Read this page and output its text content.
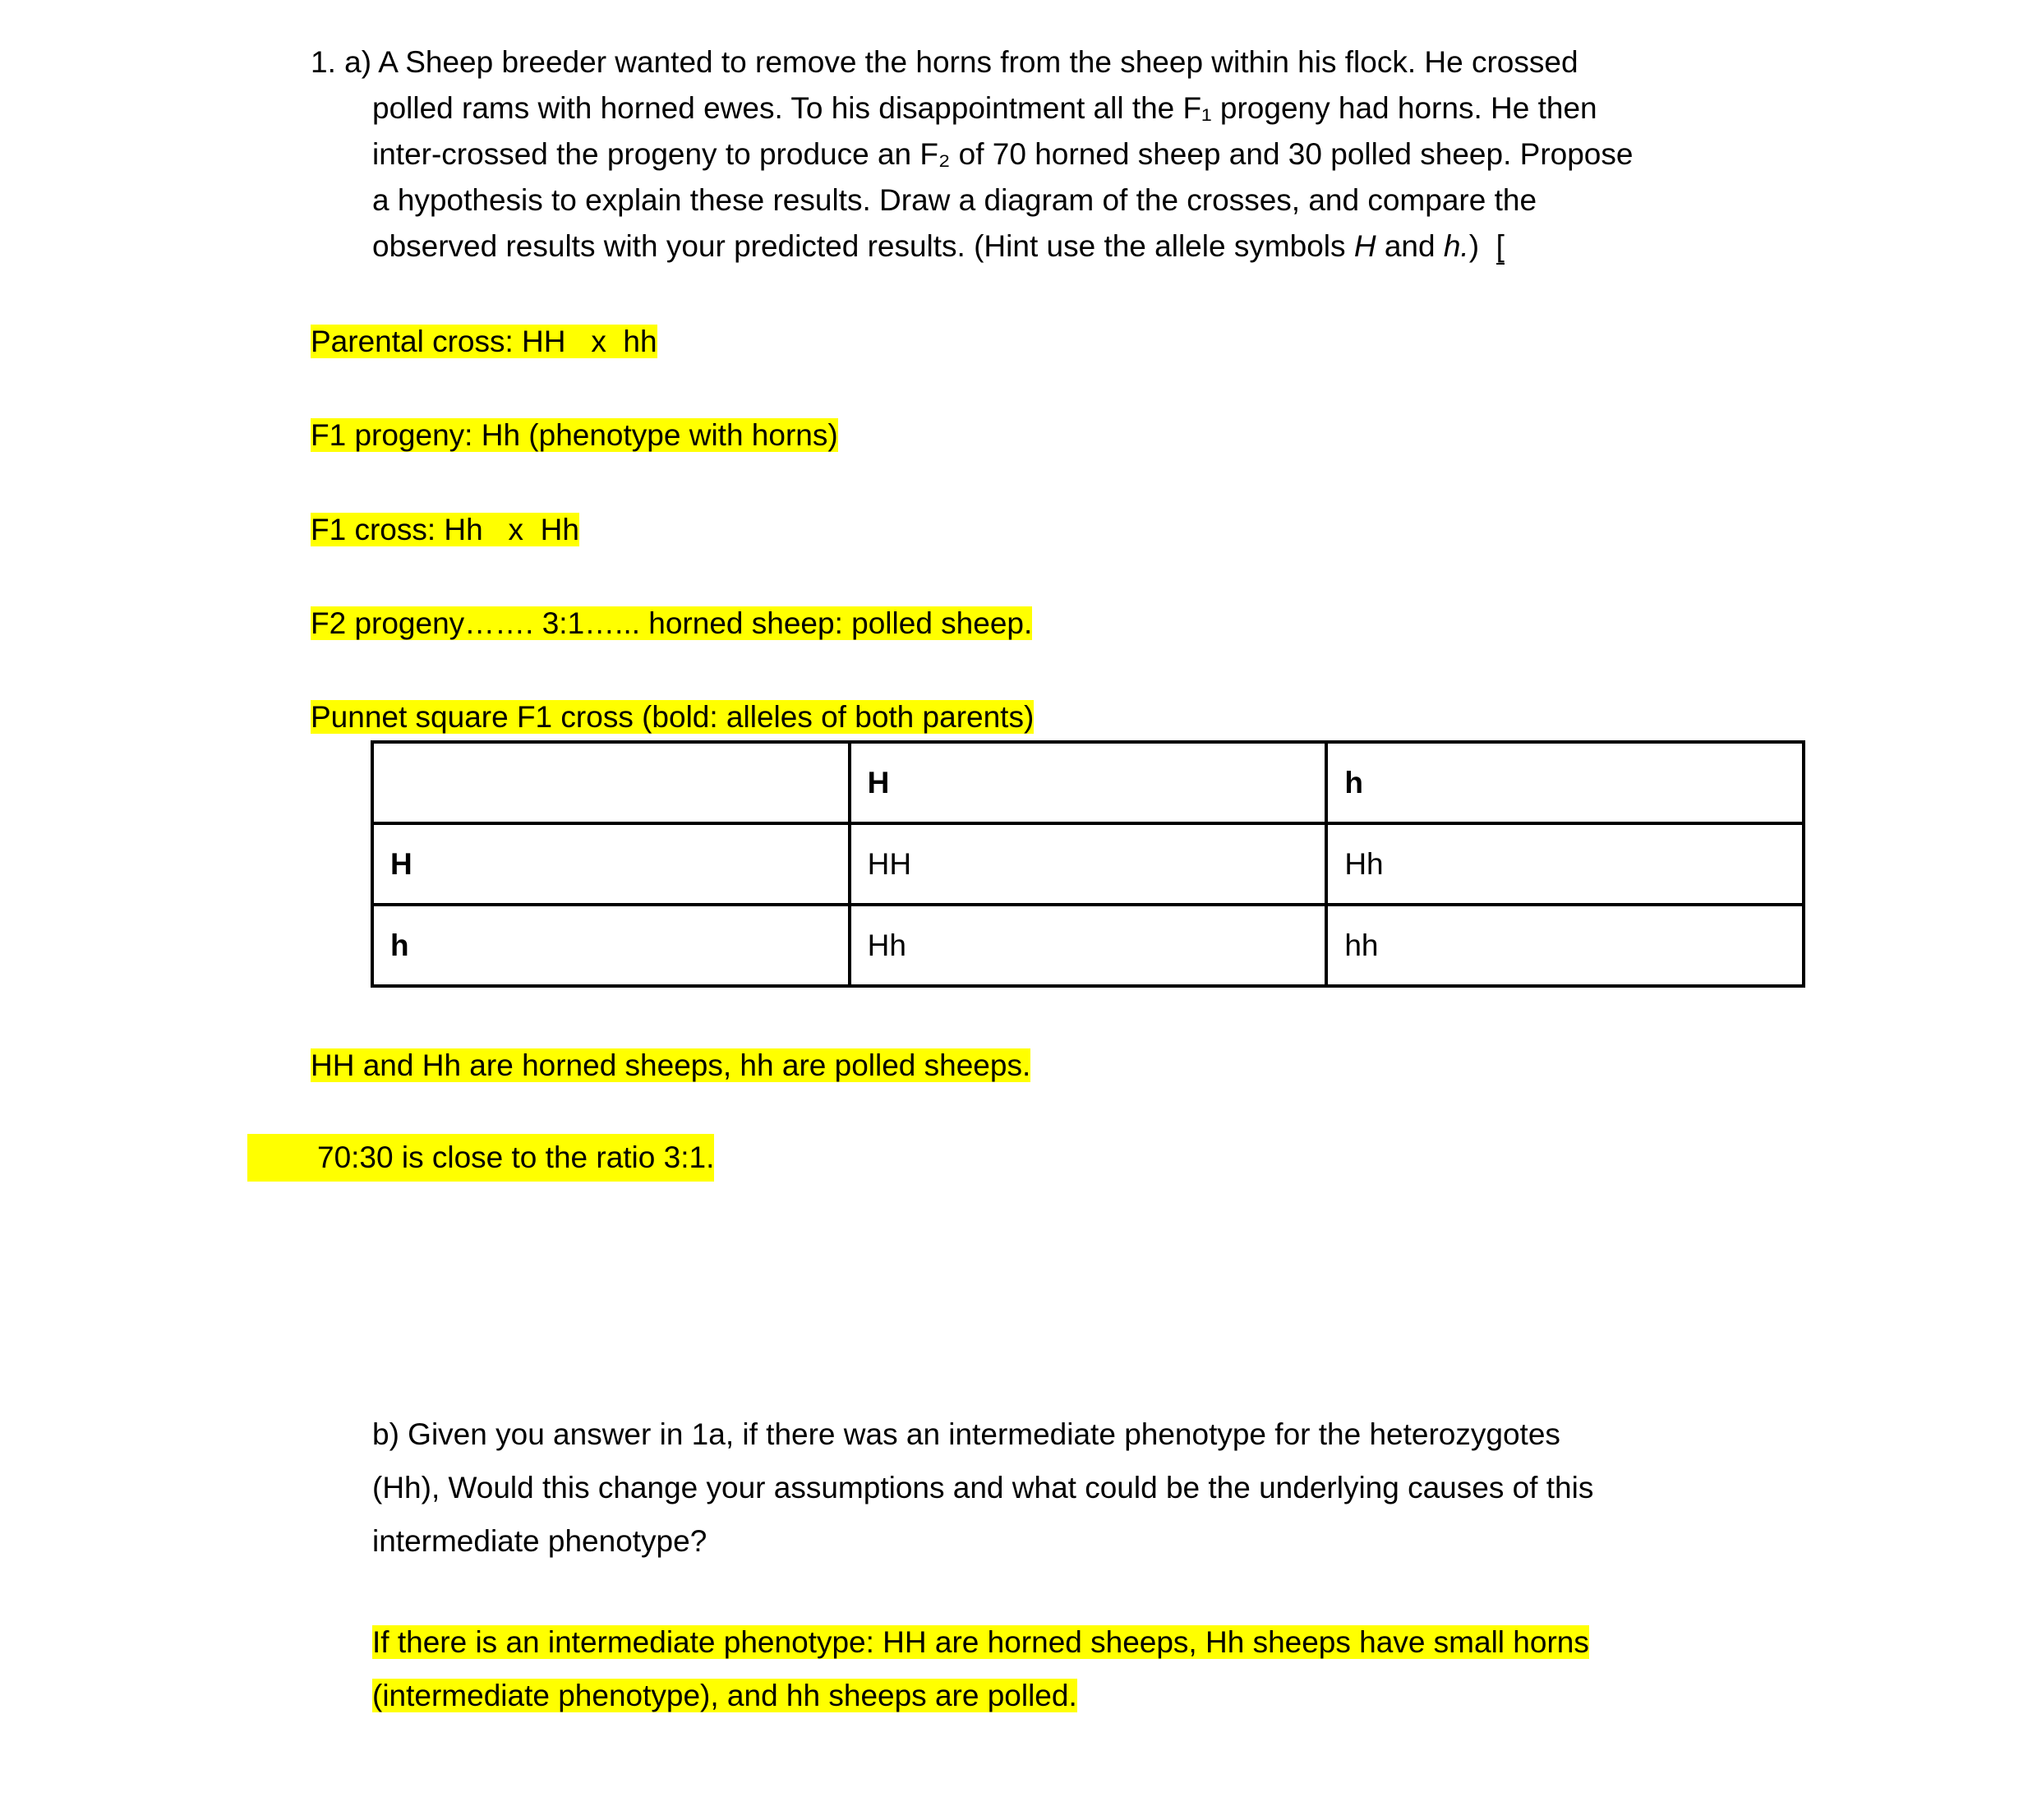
1. a) A Sheep breeder wanted to remove the horns from the sheep within his flock. He crossed
polled rams with horned ewes. To his disappointment all the F₁ progeny had horns. He then
inter-crossed the progeny to produce an F₂ of 70 horned sheep and 30 polled sheep. Propose
a hypothesis to explain these results. Draw a diagram of the crosses, and compare the
observed results with your predicted results. (Hint use the allele symbols H and h.) [
Parental cross: HH   x  hh
F1 progeny: Hh (phenotype with horns)
F1 cross: Hh   x  Hh
F2 progeny……. 3:1…... horned sheep: polled sheep.
Punnet square F1 cross (bold: alleles of both parents)
	H	h
H	HH	Hh
h	Hh	hh
HH and Hh are horned sheeps, hh are polled sheeps.
70:30 is close to the ratio 3:1.
b) Given you answer in 1a, if there was an intermediate phenotype for the heterozygotes
(Hh), Would this change your assumptions and what could be the underlying causes of this
intermediate phenotype?
If there is an intermediate phenotype: HH are horned sheeps, Hh sheeps have small horns
(intermediate phenotype), and hh sheeps are polled.
